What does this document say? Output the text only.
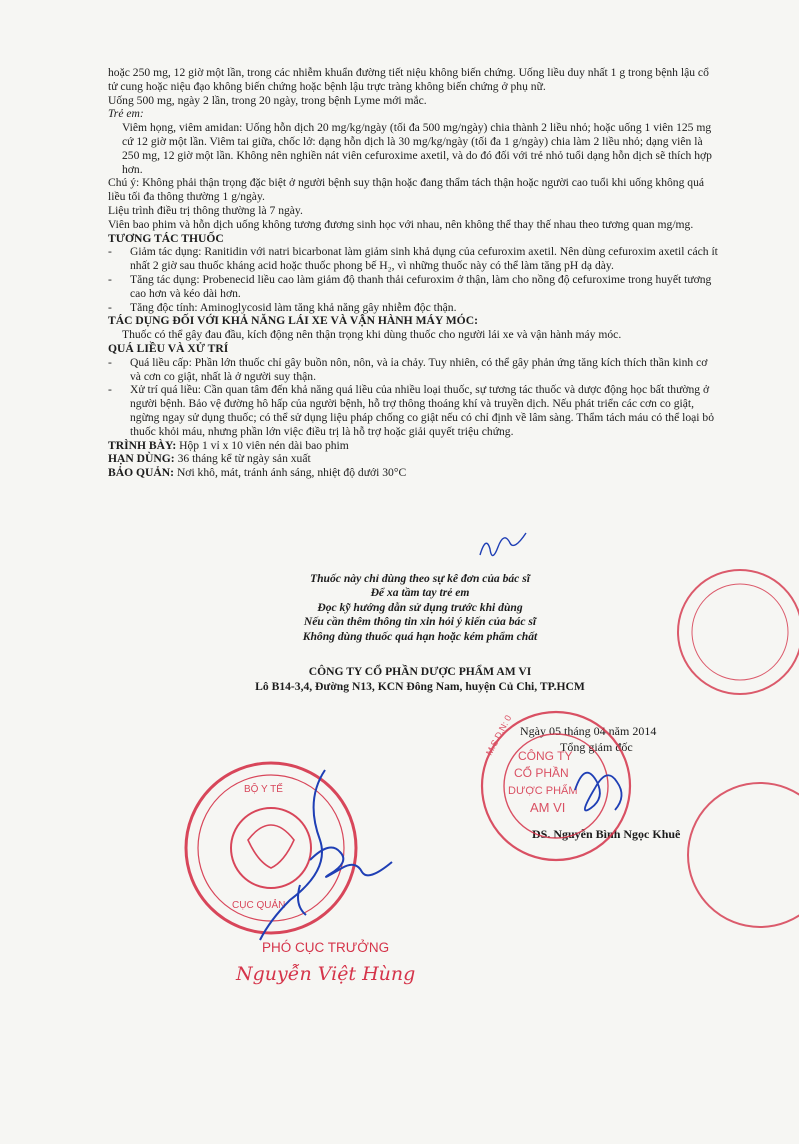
hoặc 250 mg, 12 giờ một lần, trong các nhiễm khuẩn đường tiết niệu không biến chứng. Uống liều duy nhất 1 g trong bệnh lậu cổ tử cung hoặc niệu đạo không biến chứng hoặc bệnh lậu trực tràng không biến chứng ở phụ nữ.

Uống 500 mg, ngày 2 lần, trong 20 ngày, trong bệnh Lyme mới mắc.

Trẻ em:

Viêm họng, viêm amidan: Uống hỗn dịch 20 mg/kg/ngày (tối đa 500 mg/ngày) chia thành 2 liều nhỏ; hoặc uống 1 viên 125 mg cứ 12 giờ một lần. Viêm tai giữa, chốc lở: dạng hỗn dịch là 30 mg/kg/ngày (tối đa 1 g/ngày) chia làm 2 liều nhỏ; dạng viên là 250 mg, 12 giờ một lần. Không nên nghiền nát viên cefuroxime axetil, và do đó đối với trẻ nhỏ tuổi dạng hỗn dịch sẽ thích hợp hơn.

Chú ý: Không phải thận trọng đặc biệt ở người bệnh suy thận hoặc đang thẩm tách thận hoặc người cao tuổi khi uống không quá liều tối đa thông thường 1 g/ngày.

Liệu trình điều trị thông thường là 7 ngày.

Viên bao phim và hỗn dịch uống không tương đương sinh học với nhau, nên không thể thay thế nhau theo tương quan mg/mg.

TƯƠNG TÁC THUỐC

- Giảm tác dụng: Ranitidin với natri bicarbonat làm giảm sinh khả dụng của cefuroxim axetil. Nên dùng cefuroxim axetil cách ít nhất 2 giờ sau thuốc kháng acid hoặc thuốc phong bế H₂, vì những thuốc này có thể làm tăng pH dạ dày.

- Tăng tác dụng: Probenecid liều cao làm giảm độ thanh thải cefuroxim ở thận, làm cho nồng độ cefuroxime trong huyết tương cao hơn và kéo dài hơn.

- Tăng độc tính: Aminoglycosid làm tăng khả năng gây nhiễm độc thận.

TÁC DỤNG ĐỐI VỚI KHẢ NĂNG LÁI XE VÀ VẬN HÀNH MÁY MÓC:

Thuốc có thể gây đau đầu, kích động nên thận trọng khi dùng thuốc cho người lái xe và vận hành máy móc.

QUÁ LIỀU VÀ XỬ TRÍ

- Quá liều cấp: Phần lớn thuốc chỉ gây buồn nôn, nôn, và ỉa chảy. Tuy nhiên, có thể gây phản ứng tăng kích thích thần kinh cơ và cơn co giật, nhất là ở người suy thận.

- Xử trí quá liều: Cần quan tâm đến khả năng quá liều của nhiều loại thuốc, sự tương tác thuốc và dược động học bất thường ở người bệnh. Bảo vệ đường hô hấp của người bệnh, hỗ trợ thông thoáng khí và truyền dịch. Nếu phát triển các cơn co giật, ngừng ngay sử dụng thuốc; có thể sử dụng liệu pháp chống co giật nếu có chỉ định về lâm sàng. Thẩm tách máu có thể loại bỏ thuốc khỏi máu, nhưng phần lớn việc điều trị là hỗ trợ hoặc giải quyết triệu chứng.

TRÌNH BÀY: Hộp 1 vỉ x 10 viên nén dài bao phim

HẠN DÙNG: 36 tháng kể từ ngày sản xuất

BẢO QUẢN: Nơi khô, mát, tránh ánh sáng, nhiệt độ dưới 30°C

Thuốc này chỉ dùng theo sự kê đơn của bác sĩ
Để xa tầm tay trẻ em
Đọc kỹ hướng dẫn sử dụng trước khi dùng
Nếu cần thêm thông tin xin hỏi ý kiến của bác sĩ
Không dùng thuốc quá hạn hoặc kém phẩm chất
CÔNG TY CỔ PHẦN DƯỢC PHẨM AM VI
Lô B14-3,4, Đường N13, KCN Đông Nam, huyện Củ Chi, TP.HCM
Ngày 05 tháng 04 năm 2014
Tổng giám đốc
DS. Nguyễn Bình Ngọc Khuê
CÔNG TY
CỔ PHẦN
DƯỢC PHẨM
AM VI
M.S.D.N: 0
BỘ Y TẾ
CỤC QUẢN
PHÓ CỤC TRƯỞNG
Nguyễn Việt Hùng
